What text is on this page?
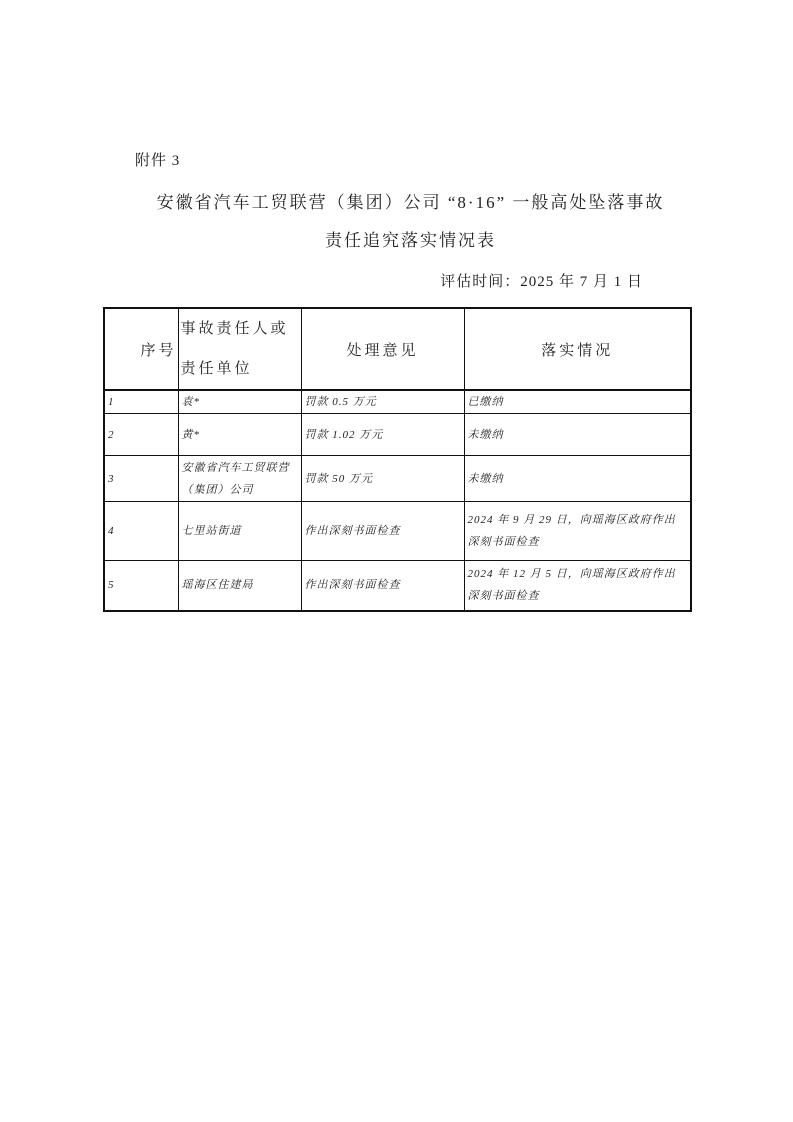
附件 3
安徽省汽车工贸联营（集团）公司 “8·16” 一般高处坠落事故
责任追究落实情况表
评估时间：2025 年 7 月 1 日
序号	事故责任人或责任单位	处理意见	落实情况
1	袁*	罚款 0.5 万元	已缴纳
2	黄*	罚款 1.02 万元	未缴纳
3	安徽省汽车工贸联营（集团）公司	罚款 50 万元	未缴纳
4	七里站街道	作出深刻书面检查	2024 年 9 月 29 日，向瑶海区政府作出深刻书面检查
5	瑶海区住建局	作出深刻书面检查	2024 年 12 月 5 日，向瑶海区政府作出深刻书面检查
